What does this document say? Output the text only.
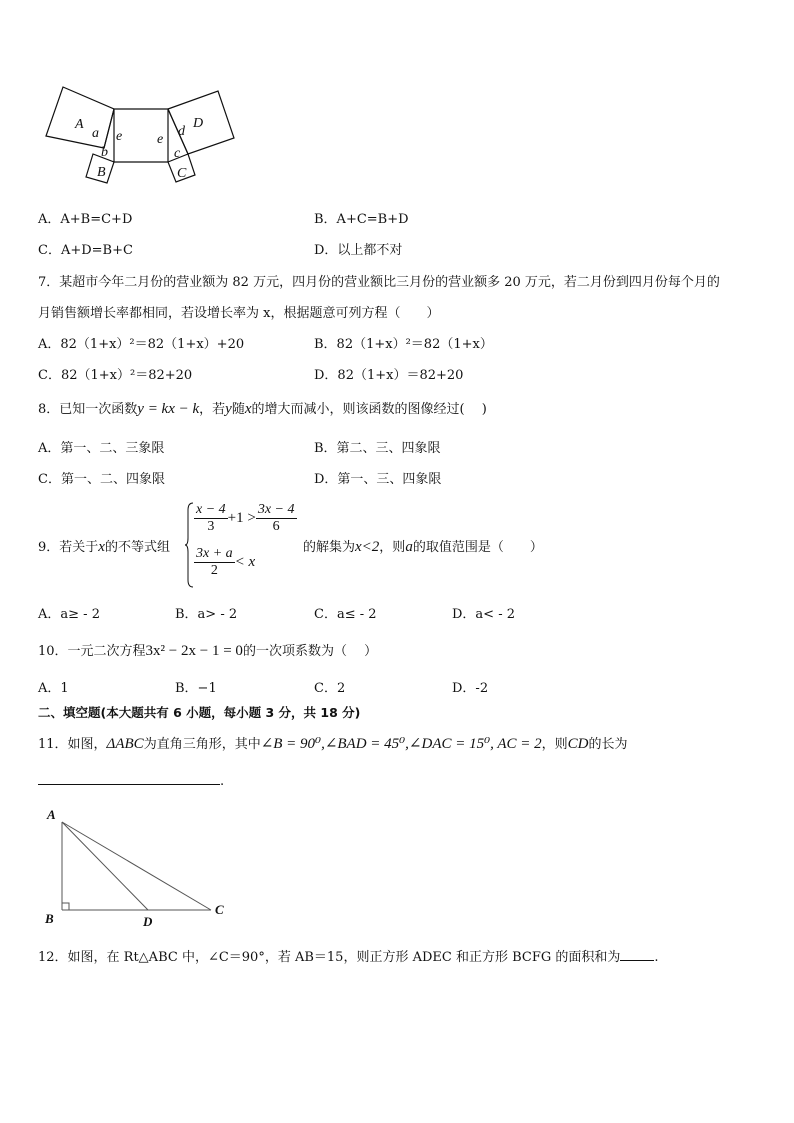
A
a
b
B
e e
D
d
c
C
A．A+B=C+D	B．A+C=B+D
C．A+D=B+C	D．以上都不对
7．某超市今年二月份的营业额为 82 万元，四月份的营业额比三月份的营业额多 20 万元，若二月份到四月份每个月的
月销售额增长率都相同，若设增长率为 x，根据题意可列方程（　　）
A．82（1+x）²＝82（1+x）+20	B．82（1+x）²＝82（1+x）
C．82（1+x）²＝82+20	D．82（1+x）＝82+20
8．已知一次函数y = kx − k，若y随x的增大而减小，则该函数的图像经过(　 )
A．第一、二、三象限	B．第二、三、四象限
C．第一、二、四象限	D．第一、三、四象限
9．若关于x的不等式组
$\frac{x - 4}{3} +1 > \frac{3x - 4}{6}$
$\frac{3x + a}{2} < x$
的解集为x<2，则a的取值范围是（　　）
A．a≥ - 2	B．a> - 2	C．a≤ - 2	D．a< - 2
10．一元二次方程3x² − 2x − 1 = 0的一次项系数为（　 ）
A．1	B．−1	C．2	D．-2
二、填空题(本大题共有 6 小题，每小题 3 分，共 18 分)
11．如图，ΔABC为直角三角形，其中∠B = 90⁰,∠BAD = 45⁰,∠DAC = 15⁰, AC = 2，则CD的长为
.
A
B	D
C
12．如图，在 Rt△ABC 中，∠C＝90°，若 AB＝15，则正方形 ADEC 和正方形 BCFG 的面积和为	.
